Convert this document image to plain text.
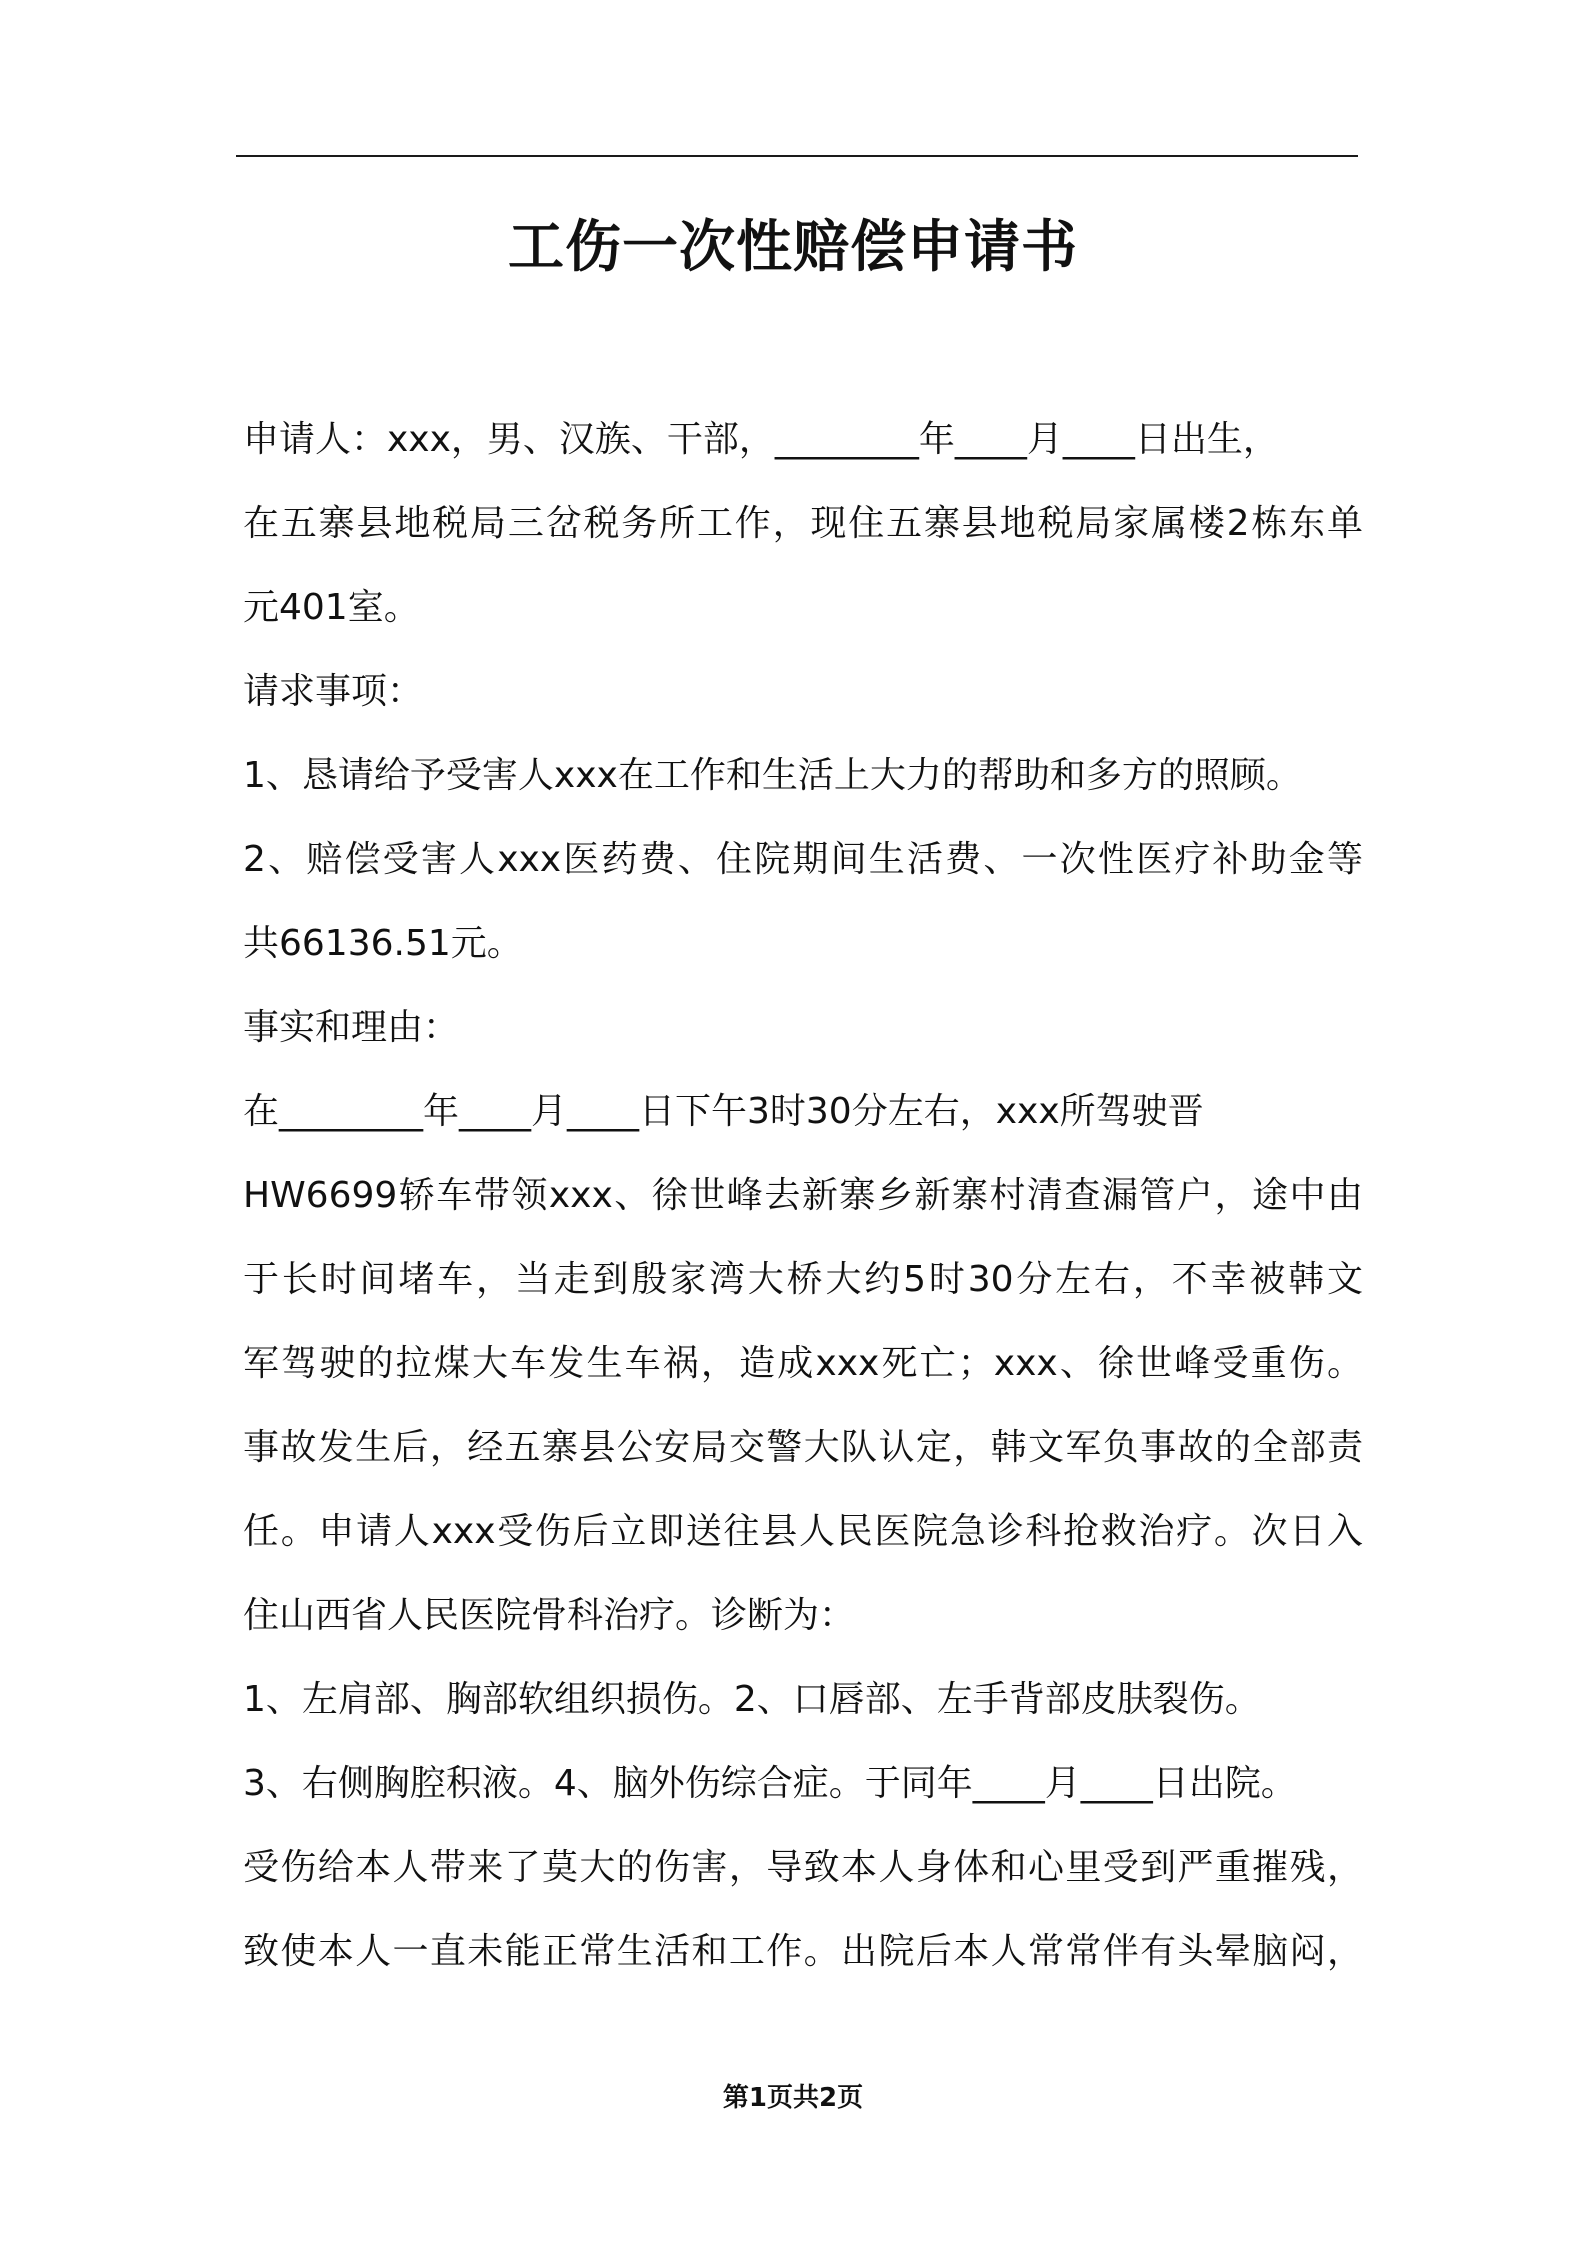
工伤一次性赔偿申请书
申请人：xxx，男、汉族、干部，________年____月____日出生，
在五寨县地税局三岔税务所工作，现住五寨县地税局家属楼2栋东单
元401室。
请求事项：
1、恳请给予受害人xxx在工作和生活上大力的帮助和多方的照顾。
2、赔偿受害人xxx医药费、住院期间生活费、一次性医疗补助金等
共66136.51元。
事实和理由：
在________年____月____日下午3时30分左右，xxx所驾驶晋
HW6699轿车带领xxx、徐世峰去新寨乡新寨村清查漏管户，途中由
于长时间堵车，当走到殷家湾大桥大约5时30分左右，不幸被韩文
军驾驶的拉煤大车发生车祸，造成xxx死亡；xxx、徐世峰受重伤。
事故发生后，经五寨县公安局交警大队认定，韩文军负事故的全部责
任。申请人xxx受伤后立即送往县人民医院急诊科抢救治疗。次日入
住山西省人民医院骨科治疗。诊断为：
1、左肩部、胸部软组织损伤。2、口唇部、左手背部皮肤裂伤。
3、右侧胸腔积液。4、脑外伤综合症。于同年____月____日出院。
受伤给本人带来了莫大的伤害，导致本人身体和心里受到严重摧残，
致使本人一直未能正常生活和工作。出院后本人常常伴有头晕脑闷，
第1页共2页
